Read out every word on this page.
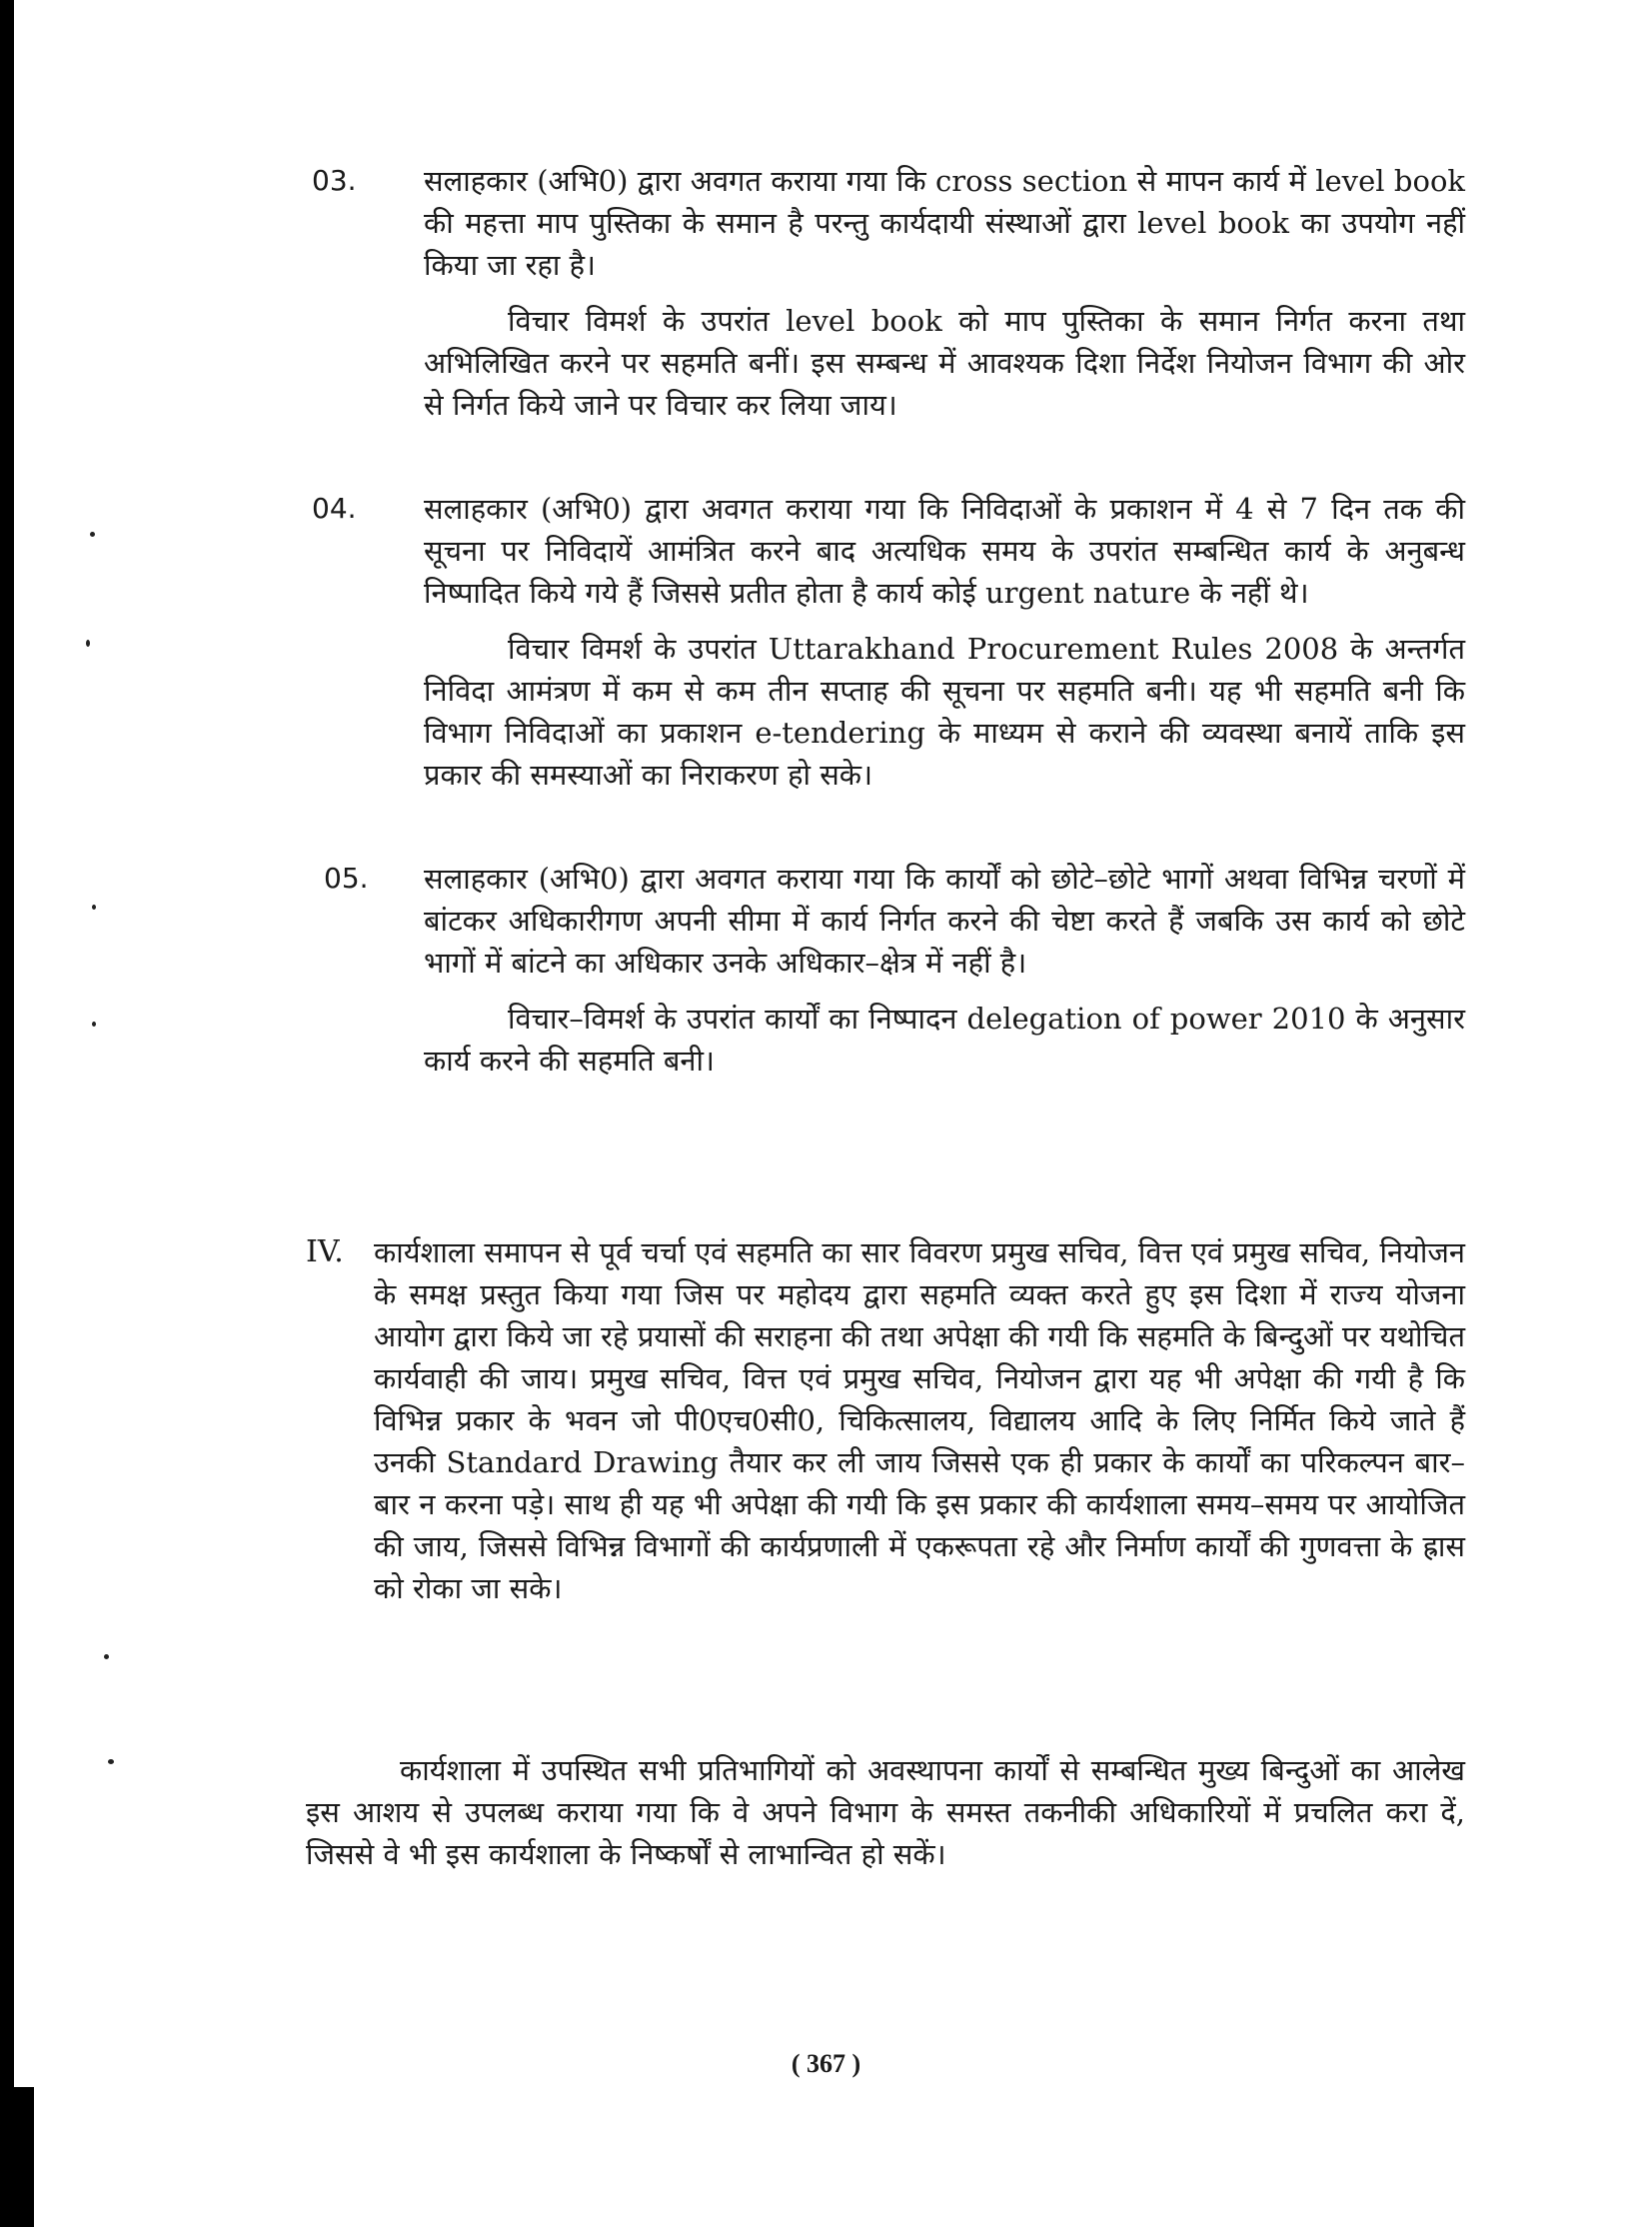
03. सलाहकार (अभि0) द्वारा अवगत कराया गया कि cross section से मापन कार्य में level book की महत्ता माप पुस्तिका के समान है परन्तु कार्यदायी संस्थाओं द्वारा level book का उपयोग नहीं किया जा रहा है।

विचार विमर्श के उपरांत level book को माप पुस्तिका के समान निर्गत करना तथा अभिलिखित करने पर सहमति बनीं। इस सम्बन्ध में आवश्यक दिशा निर्देश नियोजन विभाग की ओर से निर्गत किये जाने पर विचार कर लिया जाय।

04. सलाहकार (अभि0) द्वारा अवगत कराया गया कि निविदाओं के प्रकाशन में 4 से 7 दिन तक की सूचना पर निविदायें आमंत्रित करने बाद अत्यधिक समय के उपरांत सम्बन्धित कार्य के अनुबन्ध निष्पादित किये गये हैं जिससे प्रतीत होता है कार्य कोई urgent nature के नहीं थे।

विचार विमर्श के उपरांत Uttarakhand Procurement Rules 2008 के अन्तर्गत निविदा आमंत्रण में कम से कम तीन सप्ताह की सूचना पर सहमति बनी। यह भी सहमति बनी कि विभाग निविदाओं का प्रकाशन e-tendering के माध्यम से कराने की व्यवस्था बनायें ताकि इस प्रकार की समस्याओं का निराकरण हो सके।

05. सलाहकार (अभि0) द्वारा अवगत कराया गया कि कार्यों को छोटे–छोटे भागों अथवा विभिन्न चरणों में बांटकर अधिकारीगण अपनी सीमा में कार्य निर्गत करने की चेष्टा करते हैं जबकि उस कार्य को छोटे भागों में बांटने का अधिकार उनके अधिकार–क्षेत्र में नहीं है।

विचार–विमर्श के उपरांत कार्यों का निष्पादन delegation of power 2010 के अनुसार कार्य करने की सहमति बनी।

IV. कार्यशाला समापन से पूर्व चर्चा एवं सहमति का सार विवरण प्रमुख सचिव, वित्त एवं प्रमुख सचिव, नियोजन के समक्ष प्रस्तुत किया गया जिस पर महोदय द्वारा सहमति व्यक्त करते हुए इस दिशा में राज्य योजना आयोग द्वारा किये जा रहे प्रयासों की सराहना की तथा अपेक्षा की गयी कि सहमति के बिन्दुओं पर यथोचित कार्यवाही की जाय। प्रमुख सचिव, वित्त एवं प्रमुख सचिव, नियोजन द्वारा यह भी अपेक्षा की गयी है कि विभिन्न प्रकार के भवन जो पी0एच0सी0, चिकित्सालय, विद्यालय आदि के लिए निर्मित किये जाते हैं उनकी Standard Drawing तैयार कर ली जाय जिससे एक ही प्रकार के कार्यों का परिकल्पन बार–बार न करना पड़े। साथ ही यह भी अपेक्षा की गयी कि इस प्रकार की कार्यशाला समय–समय पर आयोजित की जाय, जिससे विभिन्न विभागों की कार्यप्रणाली में एकरूपता रहे और निर्माण कार्यों की गुणवत्ता के ह्रास को रोका जा सके।

कार्यशाला में उपस्थित सभी प्रतिभागियों को अवस्थापना कार्यों से सम्बन्धित मुख्य बिन्दुओं का आलेख इस आशय से उपलब्ध कराया गया कि वे अपने विभाग के समस्त तकनीकी अधिकारियों में प्रचलित करा दें, जिससे वे भी इस कार्यशाला के निष्कर्षों से लाभान्वित हो सकें।

( 367 )
